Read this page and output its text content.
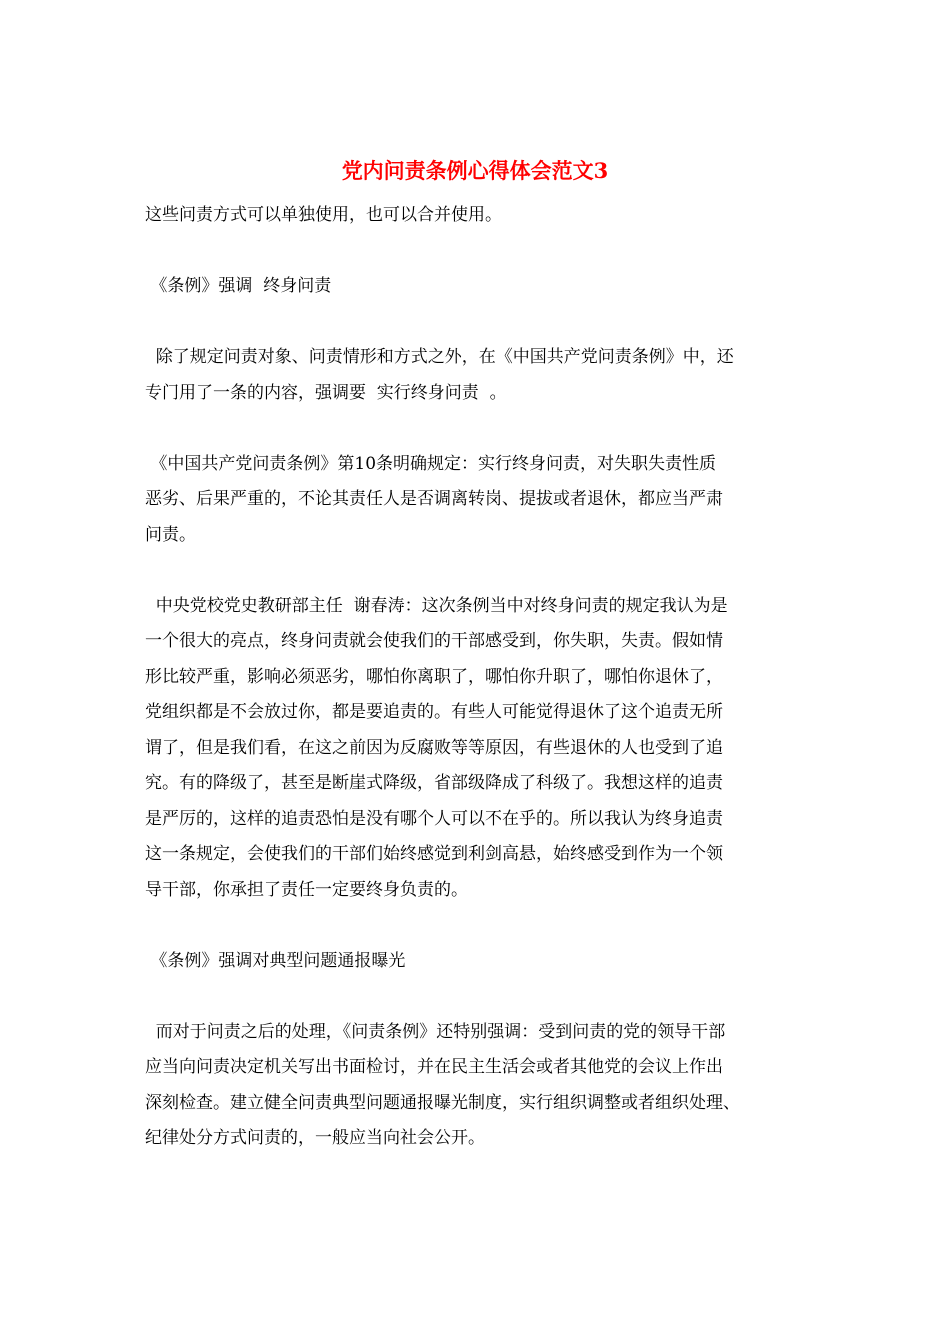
党内问责条例心得体会范文3
这些问责方式可以单独使用，也可以合并使用。
《条例》强调  终身问责
除了规定问责对象、问责情形和方式之外，在《中国共产党问责条例》中，还
专门用了一条的内容，强调要  实行终身问责  。
《中国共产党问责条例》第10条明确规定：实行终身问责，对失职失责性质
恶劣、后果严重的，不论其责任人是否调离转岗、提拔或者退休，都应当严肃
问责。
中央党校党史教研部主任  谢春涛：这次条例当中对终身问责的规定我认为是
一个很大的亮点，终身问责就会使我们的干部感受到，你失职，失责。假如情
形比较严重，影响必须恶劣，哪怕你离职了，哪怕你升职了，哪怕你退休了，
党组织都是不会放过你，都是要追责的。有些人可能觉得退休了这个追责无所
谓了，但是我们看，在这之前因为反腐败等等原因，有些退休的人也受到了追
究。有的降级了，甚至是断崖式降级，省部级降成了科级了。我想这样的追责
是严厉的，这样的追责恐怕是没有哪个人可以不在乎的。所以我认为终身追责
这一条规定，会使我们的干部们始终感觉到利剑高悬，始终感受到作为一个领
导干部，你承担了责任一定要终身负责的。
《条例》强调对典型问题通报曝光
而对于问责之后的处理，《问责条例》还特别强调：受到问责的党的领导干部
应当向问责决定机关写出书面检讨，并在民主生活会或者其他党的会议上作出
深刻检查。建立健全问责典型问题通报曝光制度，实行组织调整或者组织处理、
纪律处分方式问责的，一般应当向社会公开。
